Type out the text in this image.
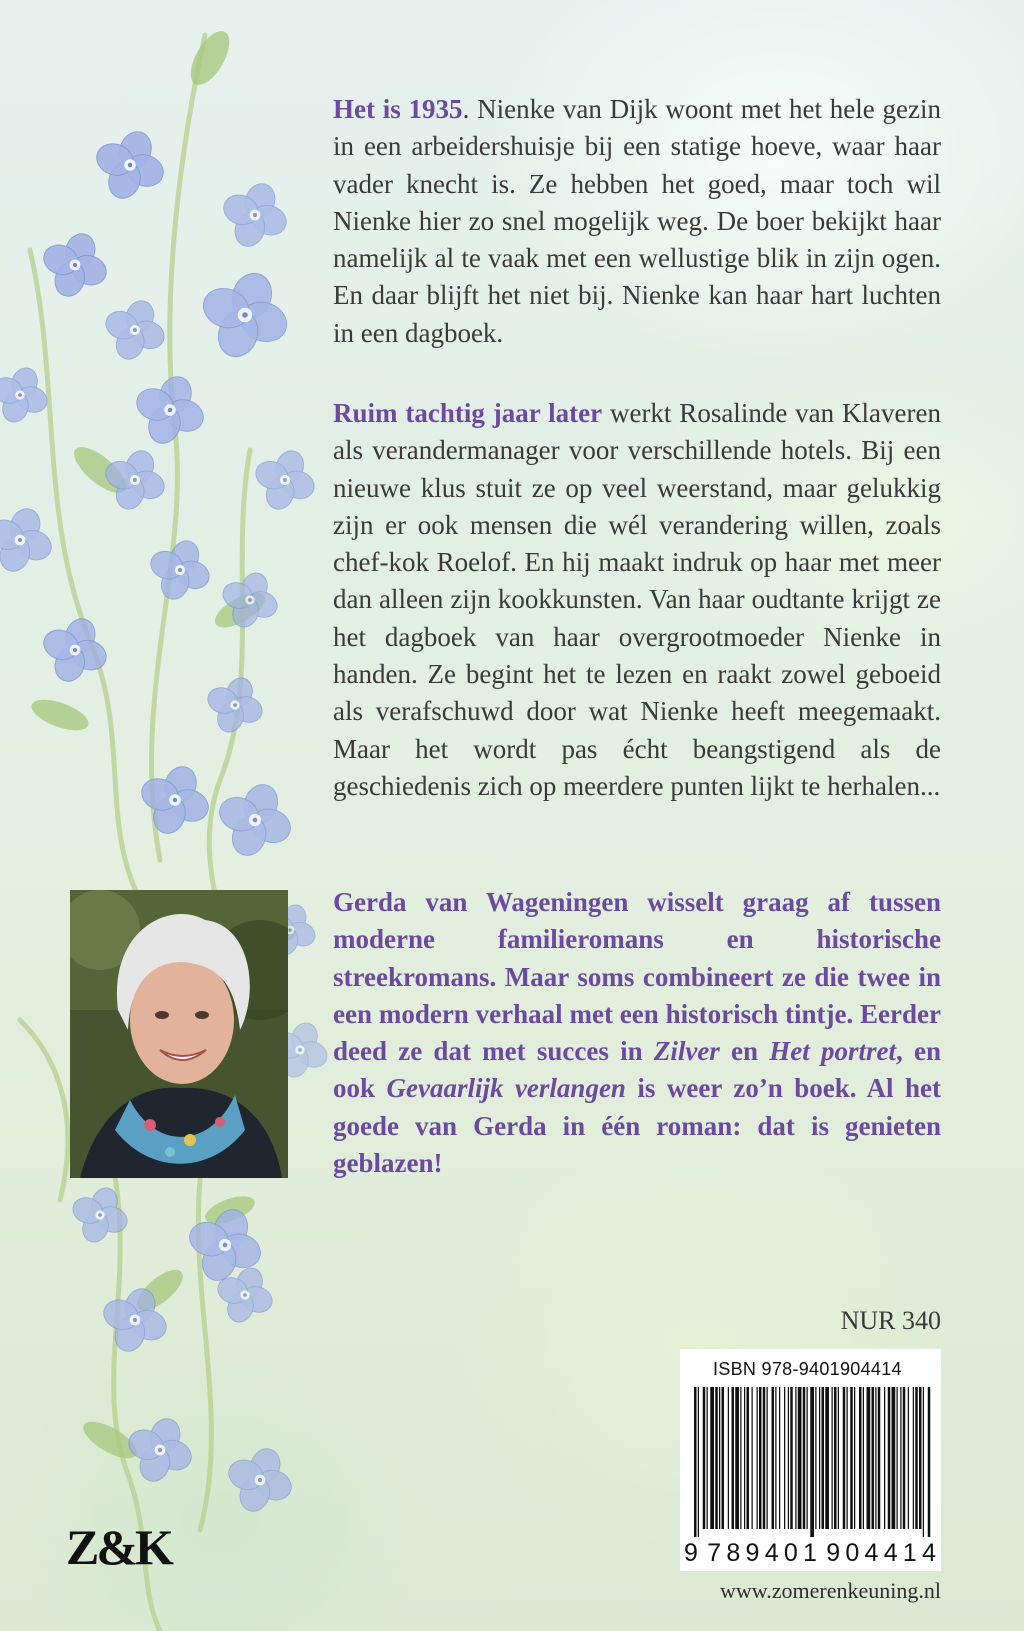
Het is 1935. Nienke van Dijk woont met het hele gezin in een arbeidershuisje bij een statige hoeve, waar haar vader knecht is. Ze hebben het goed, maar toch wil Nienke hier zo snel mogelijk weg. De boer bekijkt haar namelijk al te vaak met een wellustige blik in zijn ogen. En daar blijft het niet bij. Nienke kan haar hart luchten in een dagboek.

Ruim tachtig jaar later werkt Rosalinde van Klaveren als verandermanager voor verschillende hotels. Bij een nieuwe klus stuit ze op veel weerstand, maar gelukkig zijn er ook mensen die wél verandering willen, zoals chef-kok Roelof. En hij maakt indruk op haar met meer dan alleen zijn kookkunsten. Van haar oudtante krijgt ze het dagboek van haar overgrootmoeder Nienke in handen. Ze begint het te lezen en raakt zowel geboeid als verafschuwd door wat Nienke heeft meegemaakt. Maar het wordt pas écht beangstigend als de geschiedenis zich op meerdere punten lijkt te herhalen...

Gerda van Wageningen wisselt graag af tussen moderne familieromans en historische streekromans. Maar soms combineert ze die twee in een modern verhaal met een historisch tintje. Eerder deed ze dat met succes in Zilver en Het portret, en ook Gevaarlijk verlangen is weer zo’n boek. Al het goede van Gerda in één roman: dat is genieten geblazen!

NUR 340
ISBN 978-9401904414
9 7 8 9 4 0 1 9 0 4 4 1 4
Z&K
www.zomerenkeuning.nl
